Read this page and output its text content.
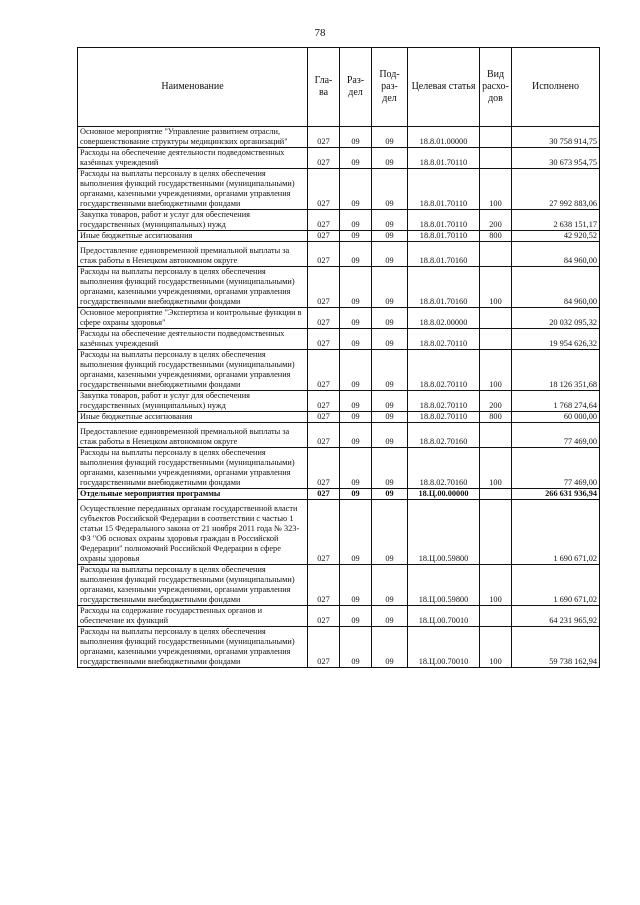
78
Наименование	Гла- ва	Раз- дел	Под- раз- дел	Целевая статья	Вид расхо- дов	Исполнено
Основное мероприятие "Управление развитием отрасли, совершенствование структуры медицинских организаций"	027	09	09	18.8.01.00000		30 758 914,75
Расходы на обеспечение деятельности подведомственных казённых учреждений	027	09	09	18.8.01.70110		30 673 954,75
Расходы на выплаты персоналу в целях обеспечения выполнения функций государственными (муниципальными) органами, казенными учреждениями, органами управления государственными внебюджетными фондами	027	09	09	18.8.01.70110	100	27 992 883,06
Закупка товаров, работ и услуг для обеспечения государственных (муниципальных) нужд	027	09	09	18.8.01.70110	200	2 638 151,17
Иные бюджетные ассигнования	027	09	09	18.8.01.70110	800	42 920,52
Предоставление единовременной премиальной выплаты за стаж работы в Ненецком автономном округе	027	09	09	18.8.01.70160		84 960,00
Расходы на выплаты персоналу в целях обеспечения выполнения функций государственными (муниципальными) органами, казенными учреждениями, органами управления государственными внебюджетными фондами	027	09	09	18.8.01.70160	100	84 960,00
Основное мероприятие "Экспертиза и контрольные функции в сфере охраны здоровья"	027	09	09	18.8.02.00000		20 032 095,32
Расходы на обеспечение деятельности подведомственных казённых учреждений	027	09	09	18.8.02.70110		19 954 626,32
Расходы на выплаты персоналу в целях обеспечения выполнения функций государственными (муниципальными) органами, казенными учреждениями, органами управления государственными внебюджетными фондами	027	09	09	18.8.02.70110	100	18 126 351,68
Закупка товаров, работ и услуг для обеспечения государственных (муниципальных) нужд	027	09	09	18.8.02.70110	200	1 768 274,64
Иные бюджетные ассигнования	027	09	09	18.8.02.70110	800	60 000,00
Предоставление единовременной премиальной выплаты за стаж работы в Ненецком автономном округе	027	09	09	18.8.02.70160		77 469,00
Расходы на выплаты персоналу в целях обеспечения выполнения функций государственными (муниципальными) органами, казенными учреждениями, органами управления государственными внебюджетными фондами	027	09	09	18.8.02.70160	100	77 469,00
Отдельные мероприятия программы	027	09	09	18.Ц.00.00000		266 631 936,94
Осуществление переданных органам государственной власти субъектов Российской Федерации в соответствии с частью 1 статьи 15 Федерального закона от 21 ноября 2011 года № 323-ФЗ "Об основах охраны здоровья граждан в Российской Федерации" полномочий Российской Федерации в сфере охраны здоровья	027	09	09	18.Ц.00.59800		1 690 671,02
Расходы на выплаты персоналу в целях обеспечения выполнения функций государственными (муниципальными) органами, казенными учреждениями, органами управления государственными внебюджетными фондами	027	09	09	18.Ц.00.59800	100	1 690 671,02
Расходы на содержание государственных органов и обеспечение их функций	027	09	09	18.Ц.00.70010		64 231 965,92
Расходы на выплаты персоналу в целях обеспечения выполнения функций государственными (муниципальными) органами, казенными учреждениями, органами управления государственными внебюджетными фондами	027	09	09	18.Ц.00.70010	100	59 738 162,94
